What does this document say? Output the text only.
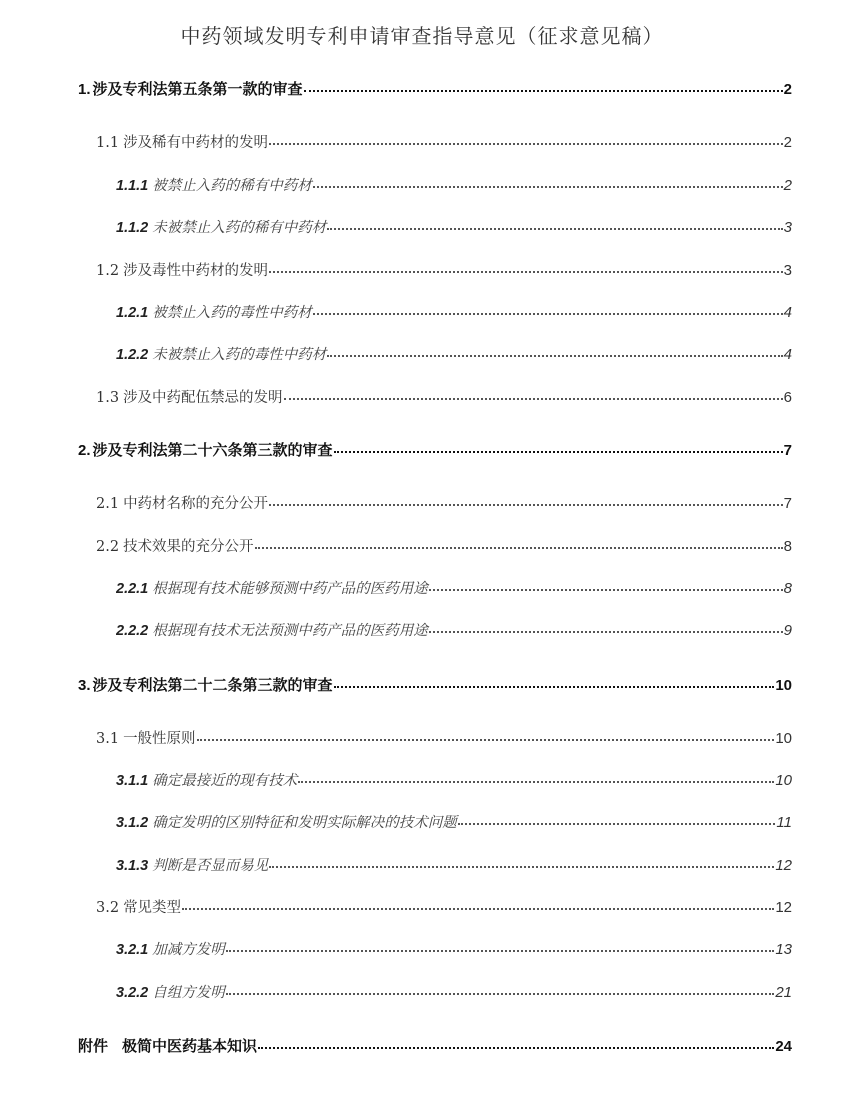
中药领域发明专利申请审查指导意见（征求意见稿）
1. 涉及专利法第五条第一款的审查	2
1.1 涉及稀有中药材的发明	2
1.1.1 被禁止入药的稀有中药材	2
1.1.2 未被禁止入药的稀有中药材	3
1.2 涉及毒性中药材的发明	3
1.2.1 被禁止入药的毒性中药材	4
1.2.2 未被禁止入药的毒性中药材	4
1.3 涉及中药配伍禁忌的发明	6
2. 涉及专利法第二十六条第三款的审查	7
2.1 中药材名称的充分公开	7
2.2 技术效果的充分公开	8
2.2.1 根据现有技术能够预测中药产品的医药用途	8
2.2.2 根据现有技术无法预测中药产品的医药用途	9
3. 涉及专利法第二十二条第三款的审查	10
3.1 一般性原则	10
3.1.1 确定最接近的现有技术	10
3.1.2 确定发明的区别特征和发明实际解决的技术问题	11
3.1.3 判断是否显而易见	12
3.2 常见类型	12
3.2.1 加减方发明	13
3.2.2 自组方发明	21
附件 极简中医药基本知识	24
